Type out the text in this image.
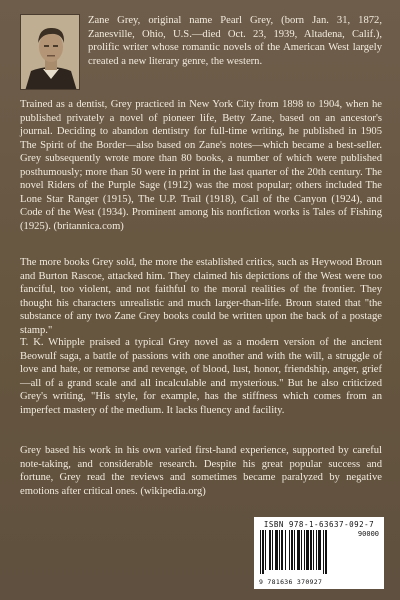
Zane Grey, original name Pearl Grey, (born Jan. 31, 1872, Zanesville, Ohio, U.S.—died Oct. 23, 1939, Altadena, Calif.), prolific writer whose romantic novels of the American West largely created a new literary genre, the western.

Trained as a dentist, Grey practiced in New York City from 1898 to 1904, when he published privately a novel of pioneer life, Betty Zane, based on an ancestor's journal. Deciding to abandon dentistry for full-time writing, he published in 1905 The Spirit of the Border—also based on Zane's notes—which became a best-seller. Grey subsequently wrote more than 80 books, a number of which were published posthumously; more than 50 were in print in the last quarter of the 20th century. The novel Riders of the Purple Sage (1912) was the most popular; others included The Lone Star Ranger (1915), The U.P. Trail (1918), Call of the Canyon (1924), and Code of the West (1934). Prominent among his nonfiction works is Tales of Fishing (1925). (britannica.com)

The more books Grey sold, the more the established critics, such as Heywood Broun and Burton Rascoe, attacked him. They claimed his depictions of the West were too fanciful, too violent, and not faithful to the moral realities of the frontier. They thought his characters unrealistic and much larger-than-life. Broun stated that "the substance of any two Zane Grey books could be written upon the back of a postage stamp."

T. K. Whipple praised a typical Grey novel as a modern version of the ancient Beowulf saga, a battle of passions with one another and with the will, a struggle of love and hate, or remorse and revenge, of blood, lust, honor, friendship, anger, grief—all of a grand scale and all incalculable and mysterious." But he also criticized Grey's writing, "His style, for example, has the stiffness which comes from an imperfect mastery of the medium. It lacks fluency and facility.

Grey based his work in his own varied first-hand experience, supported by careful note-taking, and considerable research. Despite his great popular success and fortune, Grey read the reviews and sometimes became paralyzed by negative emotions after critical ones. (wikipedia.org)

ISBN 978-1-63637-092-7
90000
9 781636 370927
